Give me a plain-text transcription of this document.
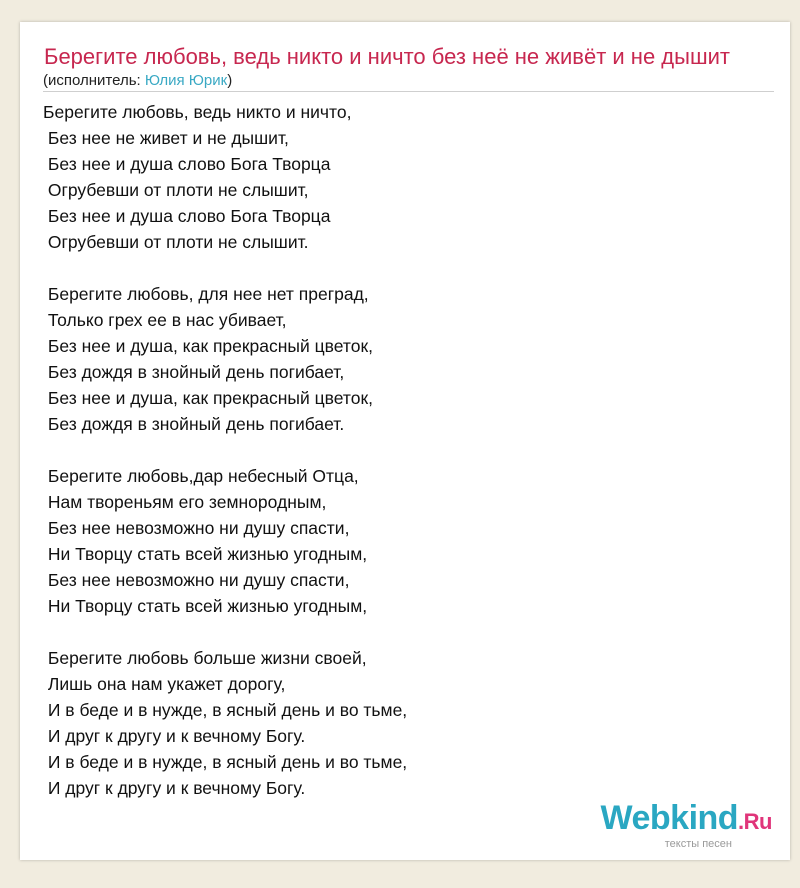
Берегите любовь, ведь никто и ничто без неё не живёт и не дышит
(исполнитель: Юлия Юрик)
Берегите любовь, ведь никто и ничто,
Без нее не живет и не дышит,
Без нее и душа слово Бога Творца
Огрубевши от плоти не слышит,
Без нее и душа слово Бога Творца
Огрубевши от плоти не слышит.
Берегите любовь, для нее нет преград,
Только грех ее в нас убивает,
Без нее и душа, как прекрасный цветок,
Без дождя в знойный день погибает,
Без нее и душа, как прекрасный цветок,
Без дождя в знойный день погибает.
Берегите любовь,дар небесный Отца,
Нам твореньям его земнородным,
Без нее невозможно ни душу спасти,
Ни Творцу стать всей жизнью угодным,
Без нее невозможно ни душу спасти,
Ни Творцу стать всей жизнью угодным,
Берегите любовь больше жизни своей,
Лишь она нам укажет дорогу,
И в беде и в нужде, в ясный день и во тьме,
И друг к другу и к вечному Богу.
И в беде и в нужде, в ясный день и во тьме,
И друг к другу и к вечному Богу.
Webkind.Ru
тексты песен
